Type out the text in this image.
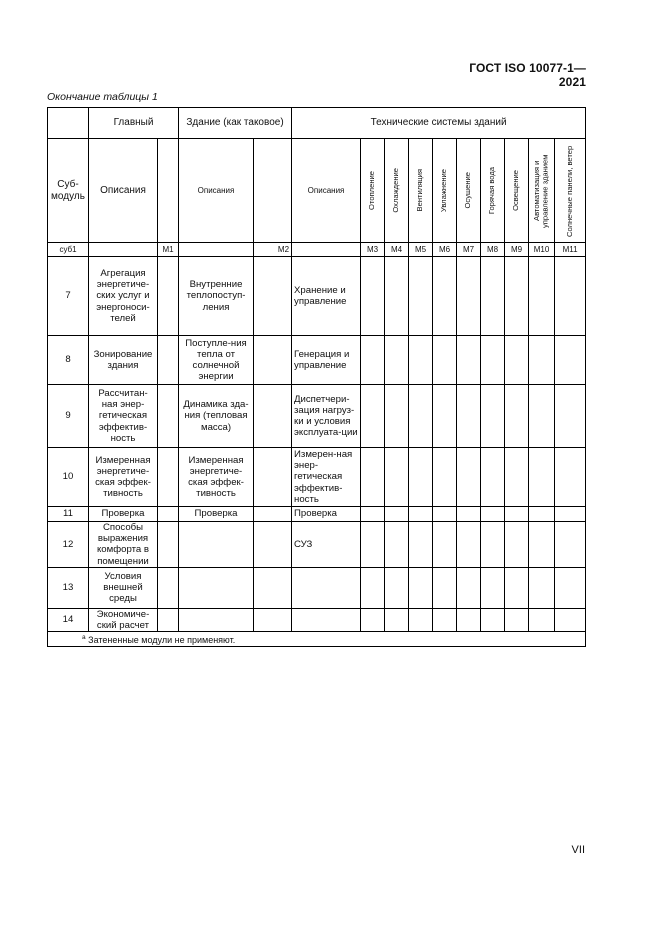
ГОСТ ISO 10077-1—2021
Окончание таблицы 1
	Главный		Здание (как таковое)		Технические системы зданий									
Суб-модуль	Описания		Описания		Описания	Отопление	Охлаждение	Вентиляция	Увлажнение	Осушение	Горячая вода	Освещение	Автоматизация и управление зданием	Солнечные панели, ветер

суб1		M1		M2		M3	M4	M5	M6	M7	M8	M9	M10	M11
7	Агрегация энергетиче-ских услуг и энергоноси-телей		Внутренние теплопоступ-ления		Хранение и управление									
8	Зонирование здания		Поступле-ния тепла от солнечной энергии		Генерация и управление									
9	Рассчитан-ная энер-гетическая эффектив-ность		Динамика зда-ния (тепловая масса)		Диспетчери-зация нагруз-ки и условия эксплуата-ции									
10	Измеренная энергетиче-ская эффек-тивность		Измеренная энергетиче-ская эффек-тивность		Измерен-ная энер-гетическая эффектив-ность									
11	Проверка		Проверка		Проверка									
12	Способы выражения комфорта в помещении				СУЗ									
13	Условия внешней среды													
14	Экономиче-ский расчет													
$^a$ Затененные модули не применяют.														
VII
